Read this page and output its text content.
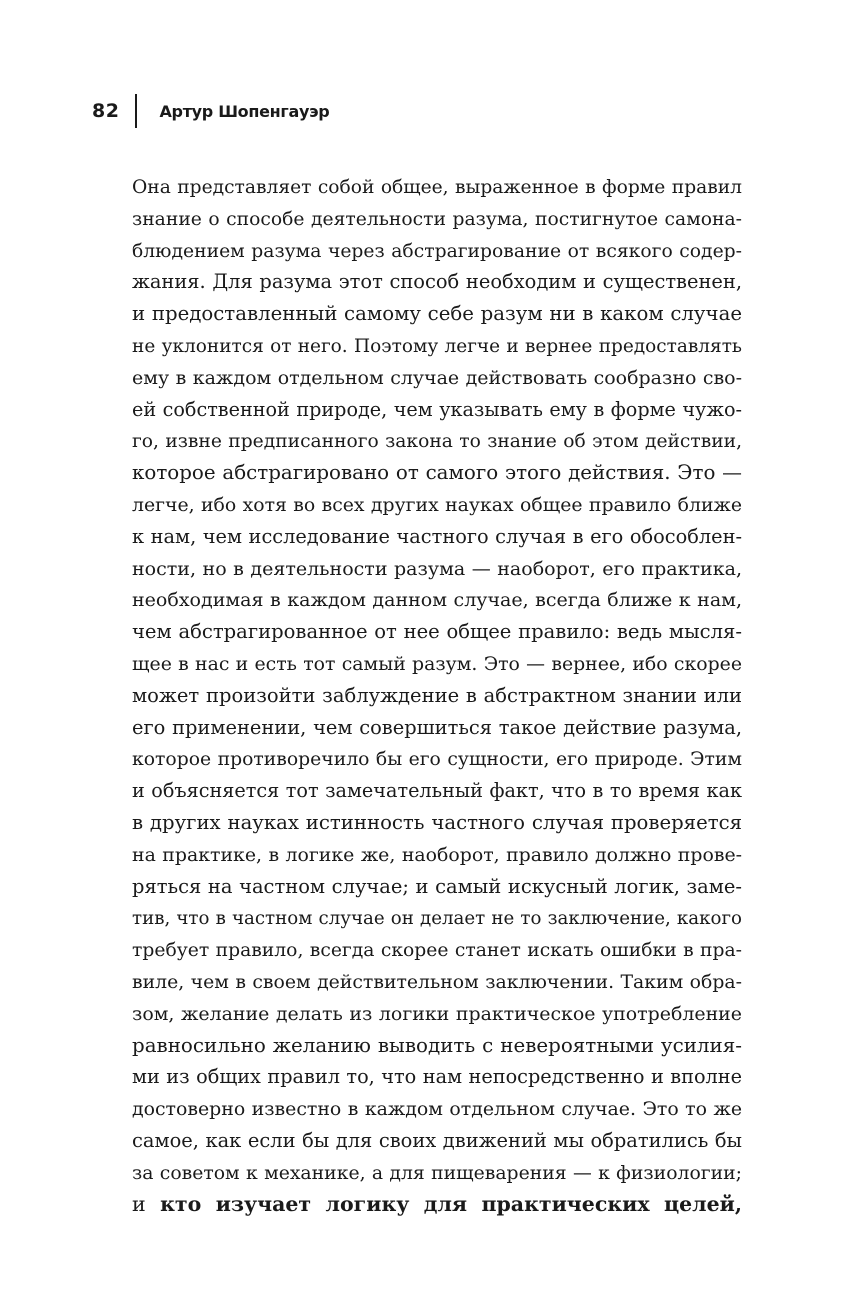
82	Артур Шопенгауэр
Она представляет собой общее, выраженное в форме правил
знание о способе деятельности разума, постигнутое самона-
блюдением разума через абстрагирование от всякого содер-
жания. Для разума этот способ необходим и существенен,
и предоставленный самому себе разум ни в каком случае
не уклонится от него. Поэтому легче и вернее предоставлять
ему в каждом отдельном случае действовать сообразно сво-
ей собственной природе, чем указывать ему в форме чужо-
го, извне предписанного закона то знание об этом действии,
которое абстрагировано от самого этого действия. Это —
легче, ибо хотя во всех других науках общее правило ближе
к нам, чем исследование частного случая в его обособлен-
ности, но в деятельности разума — наоборот, его практика,
необходимая в каждом данном случае, всегда ближе к нам,
чем абстрагированное от нее общее правило: ведь мысля-
щее в нас и есть тот самый разум. Это — вернее, ибо скорее
может произойти заблуждение в абстрактном знании или
его применении, чем совершиться такое действие разума,
которое противоречило бы его сущности, его природе. Этим
и объясняется тот замечательный факт, что в то время как
в других науках истинность частного случая проверяется
на практике, в логике же, наоборот, правило должно прове-
ряться на частном случае; и самый искусный логик, заме-
тив, что в частном случае он делает не то заключение, какого
требует правило, всегда скорее станет искать ошибки в пра-
виле, чем в своем действительном заключении. Таким обра-
зом, желание делать из логики практическое употребление
равносильно желанию выводить с невероятными усилия-
ми из общих правил то, что нам непосредственно и вполне
достоверно известно в каждом отдельном случае. Это то же
самое, как если бы для своих движений мы обратились бы
за советом к механике, а для пищеварения — к физиологии;
и кто изучает логику для практических целей,
